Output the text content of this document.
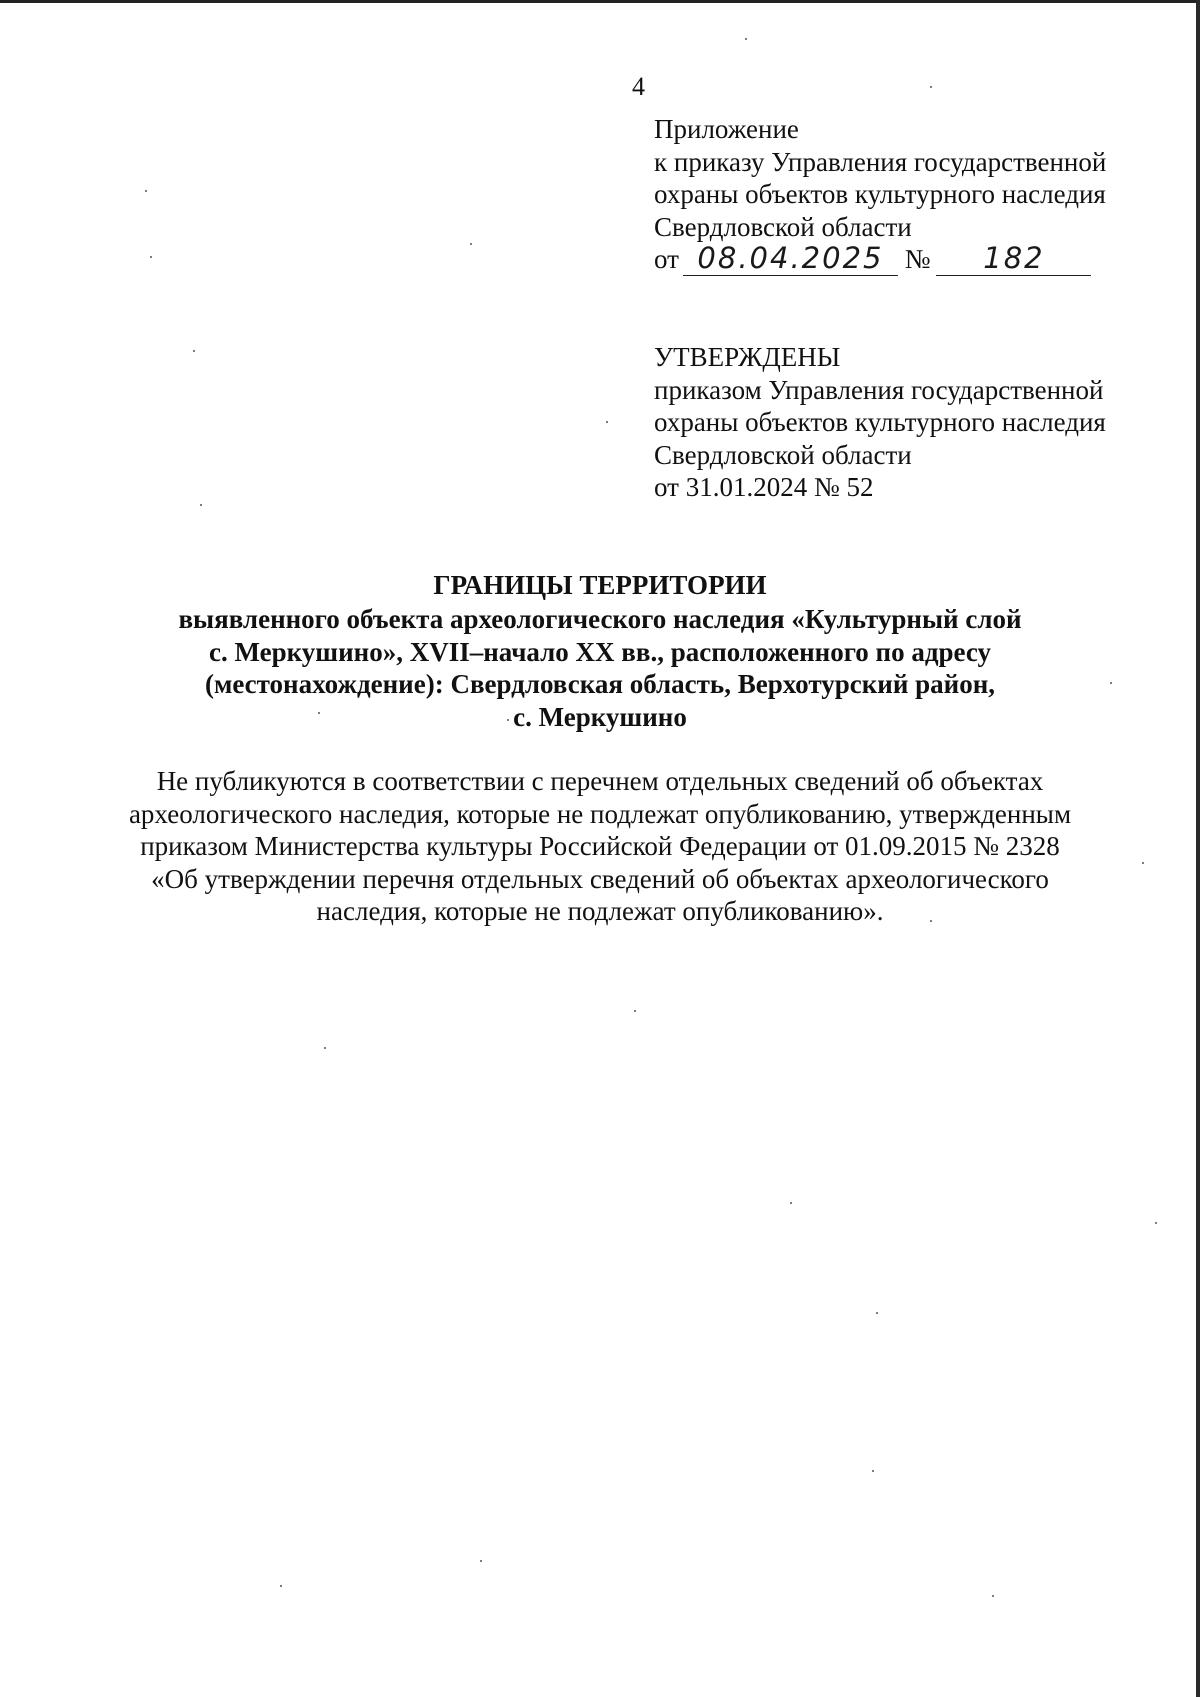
4
Приложение
к приказу Управления государственной
охраны объектов культурного наследия
Свердловской области
от 08.04.2025 № 182
УТВЕРЖДЕНЫ
приказом Управления государственной
охраны объектов культурного наследия
Свердловской области
от 31.01.2024 № 52
ГРАНИЦЫ ТЕРРИТОРИИ
выявленного объекта археологического наследия «Культурный слой
с. Меркушино», XVII–начало XX вв., расположенного по адресу
(местонахождение): Свердловская область, Верхотурский район,
с. Меркушино
Не публикуются в соответствии с перечнем отдельных сведений об объектах
археологического наследия, которые не подлежат опубликованию, утвержденным
приказом Министерства культуры Российской Федерации от 01.09.2015 № 2328
«Об утверждении перечня отдельных сведений об объектах археологического
наследия, которые не подлежат опубликованию».
